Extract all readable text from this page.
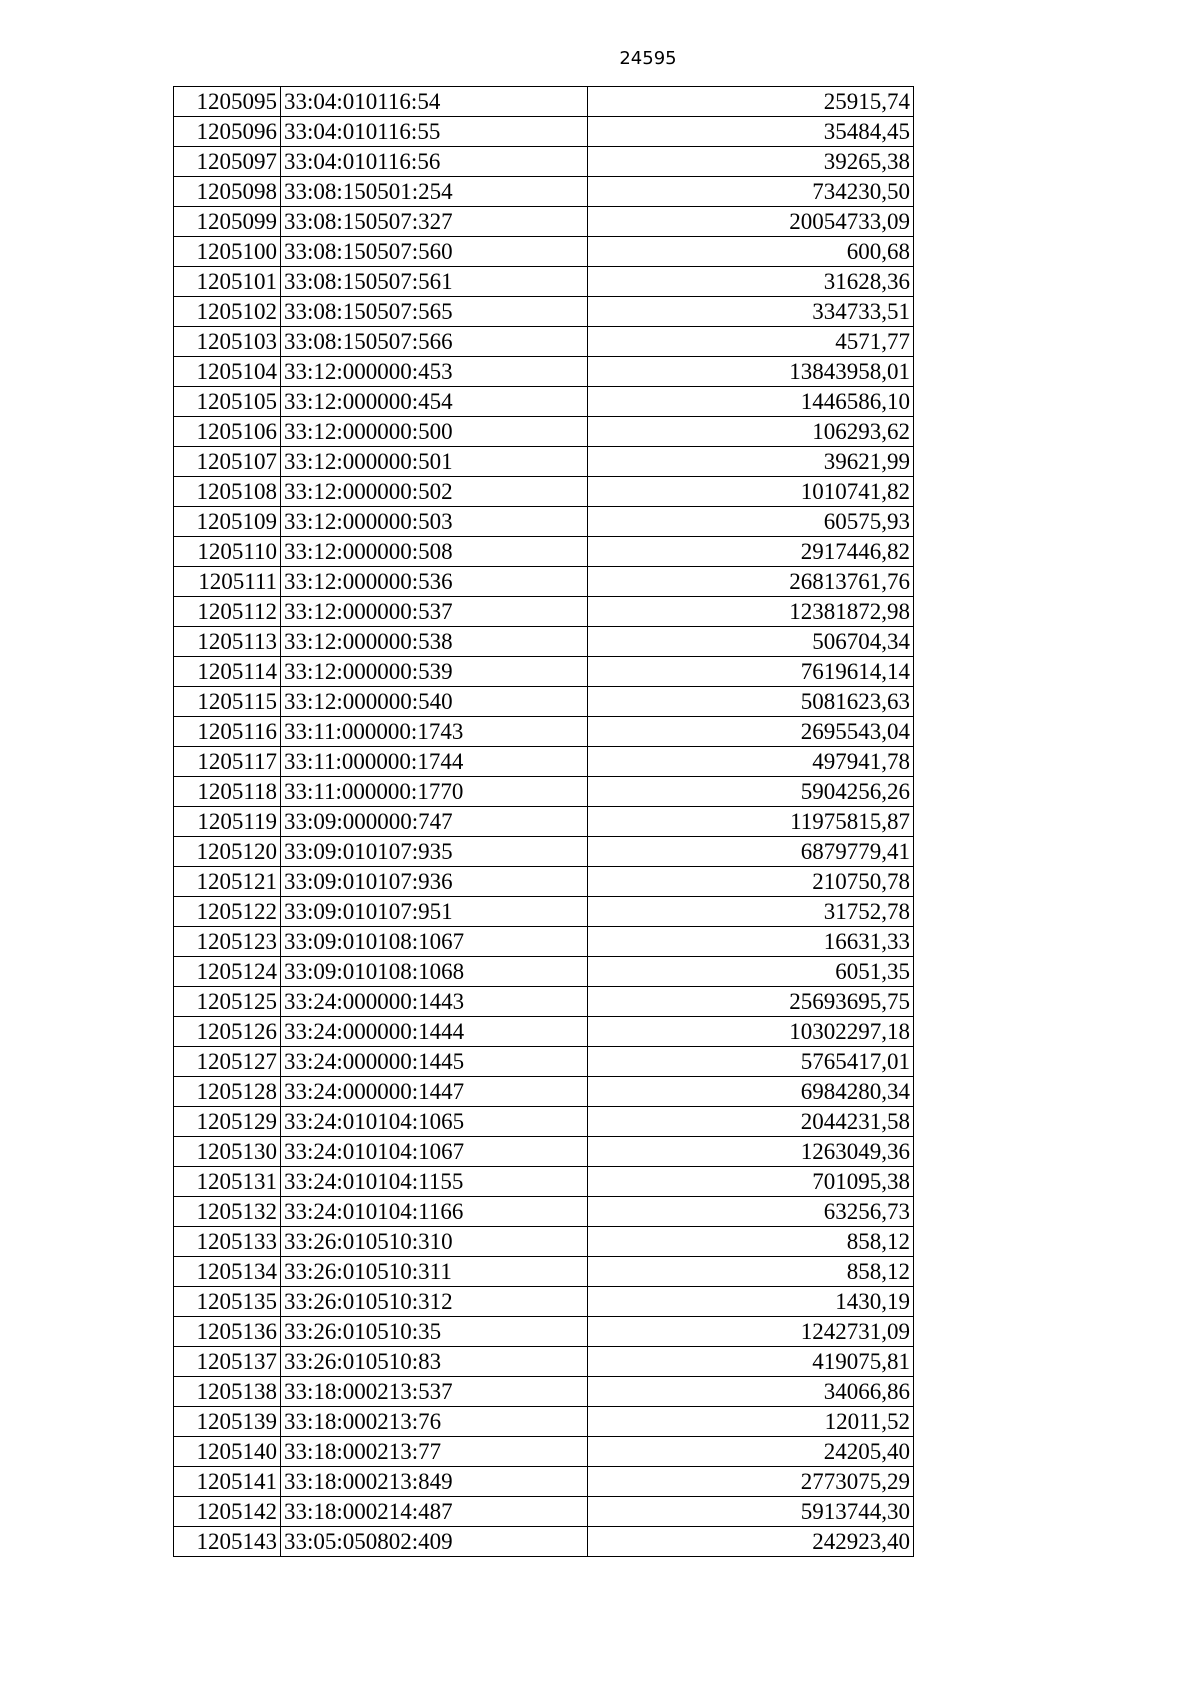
24595
1205095	33:04:010116:54	25915,74
1205096	33:04:010116:55	35484,45
1205097	33:04:010116:56	39265,38
1205098	33:08:150501:254	734230,50
1205099	33:08:150507:327	20054733,09
1205100	33:08:150507:560	600,68
1205101	33:08:150507:561	31628,36
1205102	33:08:150507:565	334733,51
1205103	33:08:150507:566	4571,77
1205104	33:12:000000:453	13843958,01
1205105	33:12:000000:454	1446586,10
1205106	33:12:000000:500	106293,62
1205107	33:12:000000:501	39621,99
1205108	33:12:000000:502	1010741,82
1205109	33:12:000000:503	60575,93
1205110	33:12:000000:508	2917446,82
1205111	33:12:000000:536	26813761,76
1205112	33:12:000000:537	12381872,98
1205113	33:12:000000:538	506704,34
1205114	33:12:000000:539	7619614,14
1205115	33:12:000000:540	5081623,63
1205116	33:11:000000:1743	2695543,04
1205117	33:11:000000:1744	497941,78
1205118	33:11:000000:1770	5904256,26
1205119	33:09:000000:747	11975815,87
1205120	33:09:010107:935	6879779,41
1205121	33:09:010107:936	210750,78
1205122	33:09:010107:951	31752,78
1205123	33:09:010108:1067	16631,33
1205124	33:09:010108:1068	6051,35
1205125	33:24:000000:1443	25693695,75
1205126	33:24:000000:1444	10302297,18
1205127	33:24:000000:1445	5765417,01
1205128	33:24:000000:1447	6984280,34
1205129	33:24:010104:1065	2044231,58
1205130	33:24:010104:1067	1263049,36
1205131	33:24:010104:1155	701095,38
1205132	33:24:010104:1166	63256,73
1205133	33:26:010510:310	858,12
1205134	33:26:010510:311	858,12
1205135	33:26:010510:312	1430,19
1205136	33:26:010510:35	1242731,09
1205137	33:26:010510:83	419075,81
1205138	33:18:000213:537	34066,86
1205139	33:18:000213:76	12011,52
1205140	33:18:000213:77	24205,40
1205141	33:18:000213:849	2773075,29
1205142	33:18:000214:487	5913744,30
1205143	33:05:050802:409	242923,40
